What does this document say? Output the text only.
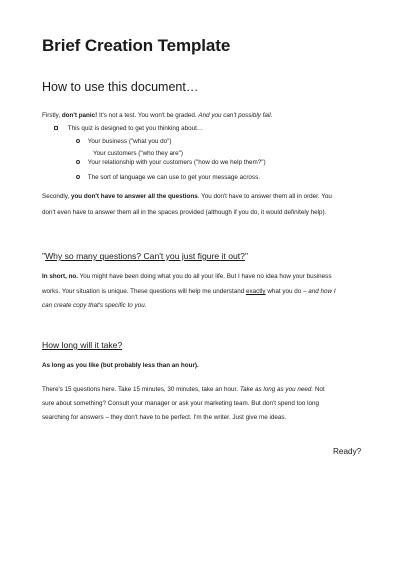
Brief Creation Template
How to use this document…
Firstly, don't panic! It's not a test. You won't be graded. And you can't possibly fail.
This quiz is designed to get you thinking about…
Your business ("what you do")
Your customers ("who they are")
Your relationship with your customers ("how do we help them?")
The sort of language we can use to get your message across.
Secondly, you don't have to answer all the questions. You don't have to answer them all in order. You
don't even have to answer them all in the spaces provided (although if you do, it would definitely help).
"Why so many questions? Can't you just figure it out?"
In short, no. You might have been doing what you do all your life. But I have no idea how your business
works. Your situation is unique. These questions will help me understand exactly what you do – and how I
can create copy that's specific to you.
How long will it take?
As long as you like (but probably less than an hour).
There's 15 questions here. Take 15 minutes, 30 minutes, take an hour. Take as long as you need. Not
sure about something? Consult your manager or ask your marketing team. But don't spend too long
searching for answers – they don't have to be perfect. I'm the writer. Just give me ideas.
Ready?
